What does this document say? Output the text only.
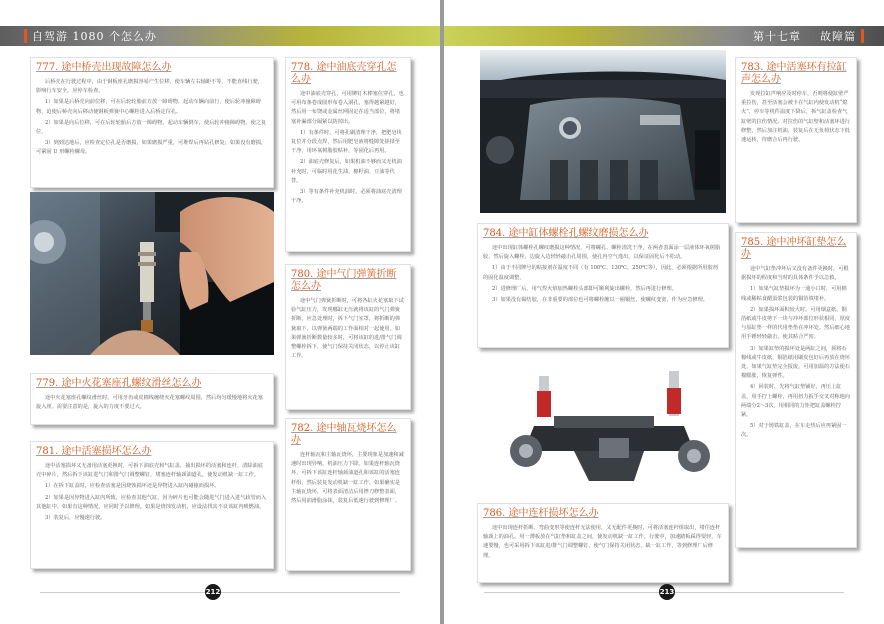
自驾游 1080 个怎么办
777. 途中桥壳出现故障怎么办

后桥壳在行驶过程中，由于钢板座孔磨损容易产生位移，使车辆左右轴距不等，不能直线行驶，影响行车安全，应停车检查。

1）如果是后桥壳向前位移，可在后轮轮胎前方放一障碍物，起动车辆向前行，使后轮冲撞障碍物，迫使后桥壳向后移动使钢板弹簧中心螺栓进入后桥定位孔。

2）如果是向后位移，可在后轮轮胎后方放一障碍物，起动车辆倒车，使后轮冲撞障碍物，使之复位。

3）到到达地后，应检查定位孔是否磨损，如果磨损严重，可堆焊后再钻孔修复；如果没有磨损，可紧固 U 形螺栓螺母。

779. 途中火花塞座孔螺纹滑丝怎么办

途中火花塞座孔螺纹滑丝时，可用牙齿或皮棉线缠绕火花塞螺纹周围，然后均匀缓慢地将火花塞旋入座。需要注意的是，旋入的力度不要过大。

781. 途中活塞损坏怎么办

途中活塞损坏又无备用活塞更换时，可拆下油底壳和气缸盖，抽出损坏的活塞和连杆，清除油底壳中碎片，然后拆下该缸进气门和排气门调整螺钉，堵塞连杆轴颈油道孔，使发动机缺一缸工作。

1）在拆下缸盖时，应检查活塞是因烧蚀损坏还是异物进入缸内碰撞而损坏。

2）如果是因异物进入缸内所致，应检查其他气缸，因为碎片也可能会随进气门进入进气歧管而入其他缸中。如果有这种情况，应同时予以修理。如果是烧蚀发动机，应设法找其不良该缸内喷燃油。

3）装复后，应慢速行驶。

778. 途中油底壳穿孔怎么办

途中油底壳穿孔，可用铆钉木棒塞住穿孔，也可用布条卷成圆形布卷入洞孔，塞得越紧越好，然后用一布饶或金属丝网固定在适当部位，将堵塞补漏部分隔紧以防掉出。

1）有条件时，可将孔刷清理干净，把肥皂块复位并分段点焊，然后用肥皂液将缝隙处搓揉至干净，用环氧树脂胶粘补，等固化后再用。

2）油底壳修复后，如果机油不够而又无机油补充时，可临时用花生油、棉籽油、豆油等代替。

3）等有条件补充机油时，必须将油底壳清理干净。

780. 途中气门弹簧折断怎么办

途中气门弹簧折断时，可将各缸火花塞取下试验气缸压力，发现哪缸无压就将该缸的气门弹簧折断，应急处理时，拆下气门室罩，将折断的弹簧取下，以弹簧两端的工作面相对一起使用。如果弹簧折断数量较多时，可将该缸的进/排气门调整螺栓拆下，使气门保持关闭状态，以停止该缸工作。

782. 途中轴瓦烧坏怎么办

连杆轴瓦和主轴瓦烧坏，主要现象是加速和减速时出现异响，机油压力下降。如果连杆轴瓦烧坏，可拆下该缸连杆轴颈油道孔和该缸的活塞连杆组，然后装复发动机缺一缸工作。如果确实是主轴瓦烧坏，可将表面清洁后用锉刀修整表面，然后用润滑脂涂抹，装复后低速行驶到修理厂。

212
第十七章 故障篇
783. 途中活塞环有拉缸声怎么办

发现拉缸声响应及时停车，否则将使缸壁严重拉伤，甚至活塞会被卡在气缸内使发动机“熄火”，停车等机件温度下降后，拆气缸盖检查气缸壁的拉伤情况。对拉伤的气缸壁和活塞环进行修整，然后加注机油，装复后在无负荷状态下低速运转，待磨合后再行驶。

784. 途中缸体螺栓孔螺纹磨损怎么办

途中出现缸体螺栓孔螺纹磨损这种情况，可将螺孔、螺栓清洗干净，在两者表面涂一层液体环氧树脂胶，然后旋入螺栓，边旋入边轻轻敲击孔周围，使孔内空气逸出，以保证固化后不松动。

1）由于不同牌号的粘接剂在温度不同（有 100℃、130℃、250℃等），因此，必须根据所用胶剂的固化温度调整。

2）进修理厂后，用气焊火焰加热螺栓头部即可顺利旋出螺栓，然后再进行修理。

3）如果没有黏结胶，在非重要的部位也可将螺栓缠以一圈铜丝，使螺纹变宽，作为应急修理。

785. 途中冲坏缸垫怎么办

途中气缸垫冲坏后又没有备件更换时，可根据损坏的程度和当时的具体条件予以急救。

1）如果气缸垫损坏为一通小口时，可用棉线或稀粘食醋蛋浆包装的铜箔填堵补。

2）如果损坏面积较大时，可用烟盒纸、铜箔纸或牛皮剪下一块与冲坏部位形状相同，厚度与原缸垫一样的代用垫垫在冲坏处。然后细心地用手锤轻轻敲击，使其贴合严密。

3）如果缸垫的损坏处是两缸之间，须将石棉线或牛皮纸、铜箔纸用刷皮包好后再放在烧坏处。如果气缸垫完全报废，可用加温的方法使石棉膨胀，恢复弹性。

4）回装时，先将气缸垫铺好，再压上缸盖，用手拧上螺栓，再用扭力扳手交叉对称地向两端分2～3次，用相同的力矩把缸盖螺栓拧紧。

5）对于铸铁缸盖，在车走热后应再紧固一次。

786. 途中连杆损坏怎么办

途中出现连杆折断、弯曲变形等使连杆无法使用，又无配件更换时，可将活塞连杆组取出，堵住连杆轴颈上的油孔，用一薄板放在气缸垫和缸盖之间，使发动机缺一缸工作，行驶中，加速踏板踩得要轻，车速要慢，也可采用拆下该缸进/排气门调整螺钉，使气门保持关闭状态，缺一缸工作，等到修理厂后修理。

213
